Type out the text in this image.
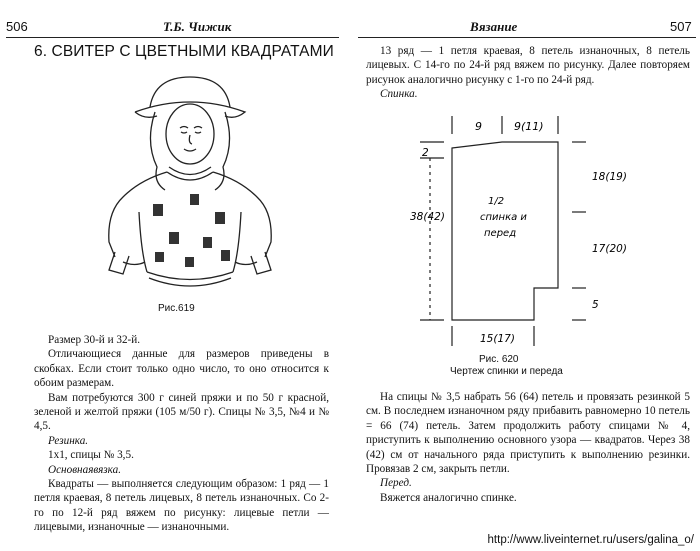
506	Т.Б. Чижик
6. СВИТЕР С ЦВЕТНЫМИ КВАДРАТАМИ
Рис.619

Размер 30-й и 32-й.

Отличающиеся данные для размеров приведены в скобках. Если стоит только одно число, то оно относится к обоим размерам.

Вам потребуются 300 г синей пряжи и по 50 г красной, зеленой и желтой пряжи (105 м/50 г). Спицы № 3,5, №4 и № 4,5.

Резинка.

1х1, спицы № 3,5.

Основнаявязка.

Квадраты — выполняется следующим образом: 1 ряд — 1 петля краевая, 8 петель лицевых, 8 петель изнаночных. Со 2-го по 12-й ряд вяжем по рисунку: лицевые петли — лицевыми, изнаночные — изнаночными.

Вязание	507

13 ряд — 1 петля краевая, 8 петель изнаночных, 8 петель лицевых. С 14-го по 24-й ряд вяжем по рисунку. Далее повторяем рисунок аналогично рисунку с 1-го по 24-й ряд.

Спинка.

9	9(11)
2
38(42)
1/2
спинка и
перед
18(19)
17(20)
5
15(17)
Рис. 620
Чертеж спинки и переда

На спицы № 3,5 набрать 56 (64) петель и провязать резинкой 5 см. В последнем изнаночном ряду прибавить равномерно 10 петель = 66 (74) петель. Затем продолжить работу спицами № 4, приступить к выполнению основного узора — квадратов. Через 38 (42) см от начального ряда приступить к выполнению резинки. Провязав 2 см, закрыть петли.

Перед.

Вяжется аналогично спинке.

http://www.liveinternet.ru/users/galina_o/
